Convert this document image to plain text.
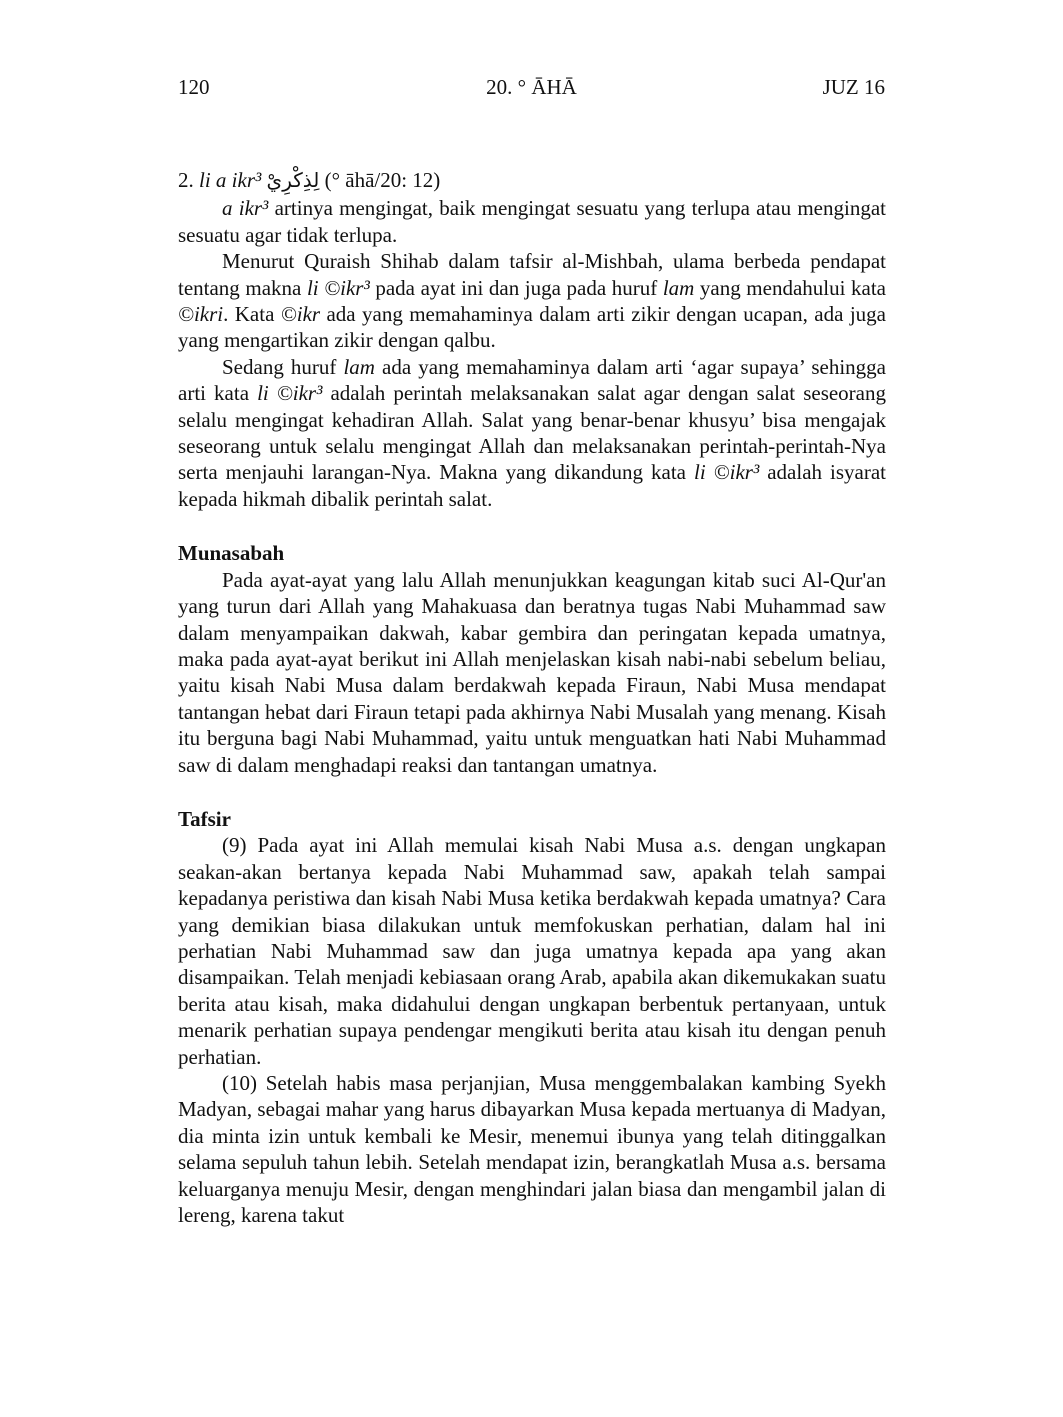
120	20. ° ĀHĀ	JUZ 16

2. li a ikr³ لِذِكْرِيْ (° āhā/20: 12)

a ikr³ artinya mengingat, baik mengingat sesuatu yang terlupa atau mengingat sesuatu agar tidak terlupa.

Menurut Quraish Shihab dalam tafsir al-Mishbah, ulama berbeda pendapat tentang makna li ©ikr³ pada ayat ini dan juga pada huruf lam yang mendahului kata ©ikri. Kata ©ikr ada yang memahaminya dalam arti zikir dengan ucapan, ada juga yang mengartikan zikir dengan qalbu.

Sedang huruf lam ada yang memahaminya dalam arti ‘agar supaya’ sehingga arti kata li ©ikr³ adalah perintah melaksanakan salat agar dengan salat seseorang selalu mengingat kehadiran Allah. Salat yang benar-benar khusyu’ bisa mengajak seseorang untuk selalu mengingat Allah dan melaksanakan perintah-perintah-Nya serta menjauhi larangan-Nya. Makna yang dikandung kata li ©ikr³ adalah isyarat kepada hikmah dibalik perintah salat.

Munasabah

Pada ayat-ayat yang lalu Allah menunjukkan keagungan kitab suci Al-Qur'an yang turun dari Allah yang Mahakuasa dan beratnya tugas Nabi Muhammad saw dalam menyampaikan dakwah, kabar gembira dan peringatan kepada umatnya, maka pada ayat-ayat berikut ini Allah menjelaskan kisah nabi-nabi sebelum beliau, yaitu kisah Nabi Musa dalam berdakwah kepada Firaun, Nabi Musa mendapat tantangan hebat dari Firaun tetapi pada akhirnya Nabi Musalah yang menang. Kisah itu berguna bagi Nabi Muhammad, yaitu untuk menguatkan hati Nabi Muhammad saw di dalam menghadapi reaksi dan tantangan umatnya.

Tafsir

(9) Pada ayat ini Allah memulai kisah Nabi Musa a.s. dengan ungkapan seakan-akan bertanya kepada Nabi Muhammad saw, apakah telah sampai kepadanya peristiwa dan kisah Nabi Musa ketika berdakwah kepada umatnya? Cara yang demikian biasa dilakukan untuk memfokuskan perhatian, dalam hal ini perhatian Nabi Muhammad saw dan juga umatnya kepada apa yang akan disampaikan. Telah menjadi kebiasaan orang Arab, apabila akan dikemukakan suatu berita atau kisah, maka didahului dengan ungkapan berbentuk pertanyaan, untuk menarik perhatian supaya pendengar mengikuti berita atau kisah itu dengan penuh perhatian.

(10) Setelah habis masa perjanjian, Musa menggembalakan kambing Syekh Madyan, sebagai mahar yang harus dibayarkan Musa kepada mertuanya di Madyan, dia minta izin untuk kembali ke Mesir, menemui ibunya yang telah ditinggalkan selama sepuluh tahun lebih. Setelah mendapat izin, berangkatlah Musa a.s. bersama keluarganya menuju Mesir, dengan menghindari jalan biasa dan mengambil jalan di lereng, karena takut
